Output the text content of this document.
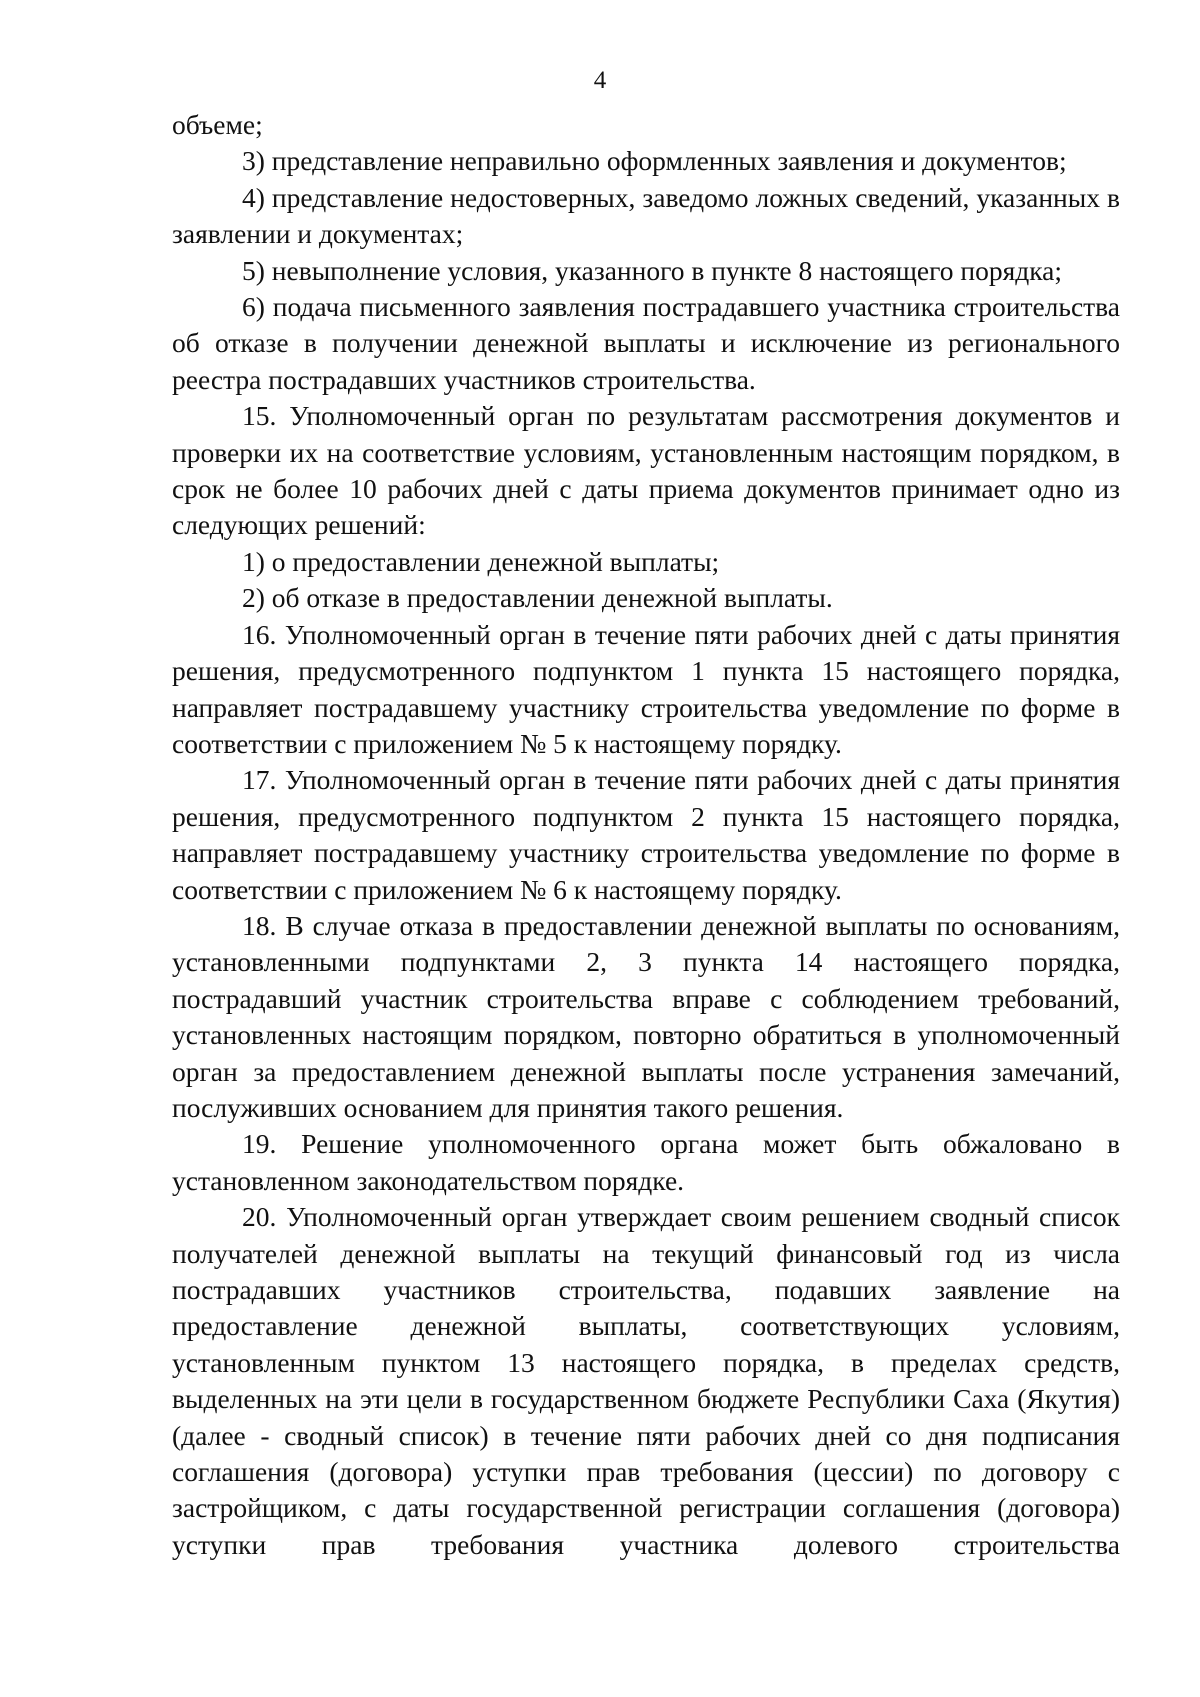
4

объеме;

3) представление неправильно оформленных заявления и документов;

4) представление недостоверных, заведомо ложных сведений, указанных в заявлении и документах;

5) невыполнение условия, указанного в пункте 8 настоящего порядка;

6) подача письменного заявления пострадавшего участника строительства об отказе в получении денежной выплаты и исключение из регионального реестра пострадавших участников строительства.

15. Уполномоченный орган по результатам рассмотрения документов и проверки их на соответствие условиям, установленным настоящим порядком, в срок не более 10 рабочих дней с даты приема документов принимает одно из следующих решений:

1) о предоставлении денежной выплаты;

2) об отказе в предоставлении денежной выплаты.

16. Уполномоченный орган в течение пяти рабочих дней с даты принятия решения, предусмотренного подпунктом 1 пункта 15 настоящего порядка, направляет пострадавшему участнику строительства уведомление по форме в соответствии с приложением № 5 к настоящему порядку.

17. Уполномоченный орган в течение пяти рабочих дней с даты принятия решения, предусмотренного подпунктом 2 пункта 15 настоящего порядка, направляет пострадавшему участнику строительства уведомление по форме в соответствии с приложением № 6 к настоящему порядку.

18. В случае отказа в предоставлении денежной выплаты по основаниям, установленными подпунктами 2, 3 пункта 14 настоящего порядка, пострадавший участник строительства вправе с соблюдением требований, установленных настоящим порядком, повторно обратиться в уполномоченный орган за предоставлением денежной выплаты после устранения замечаний, послуживших основанием для принятия такого решения.

19. Решение уполномоченного органа может быть обжаловано в установленном законодательством порядке.

20. Уполномоченный орган утверждает своим решением сводный список получателей денежной выплаты на текущий финансовый год из числа пострадавших участников строительства, подавших заявление на предоставление денежной выплаты, соответствующих условиям, установленным пунктом 13 настоящего порядка, в пределах средств, выделенных на эти цели в государственном бюджете Республики Саха (Якутия) (далее - сводный список) в течение пяти рабочих дней со дня подписания соглашения (договора) уступки прав требования (цессии) по договору с застройщиком, с даты государственной регистрации соглашения (договора) уступки прав требования участника долевого строительства
